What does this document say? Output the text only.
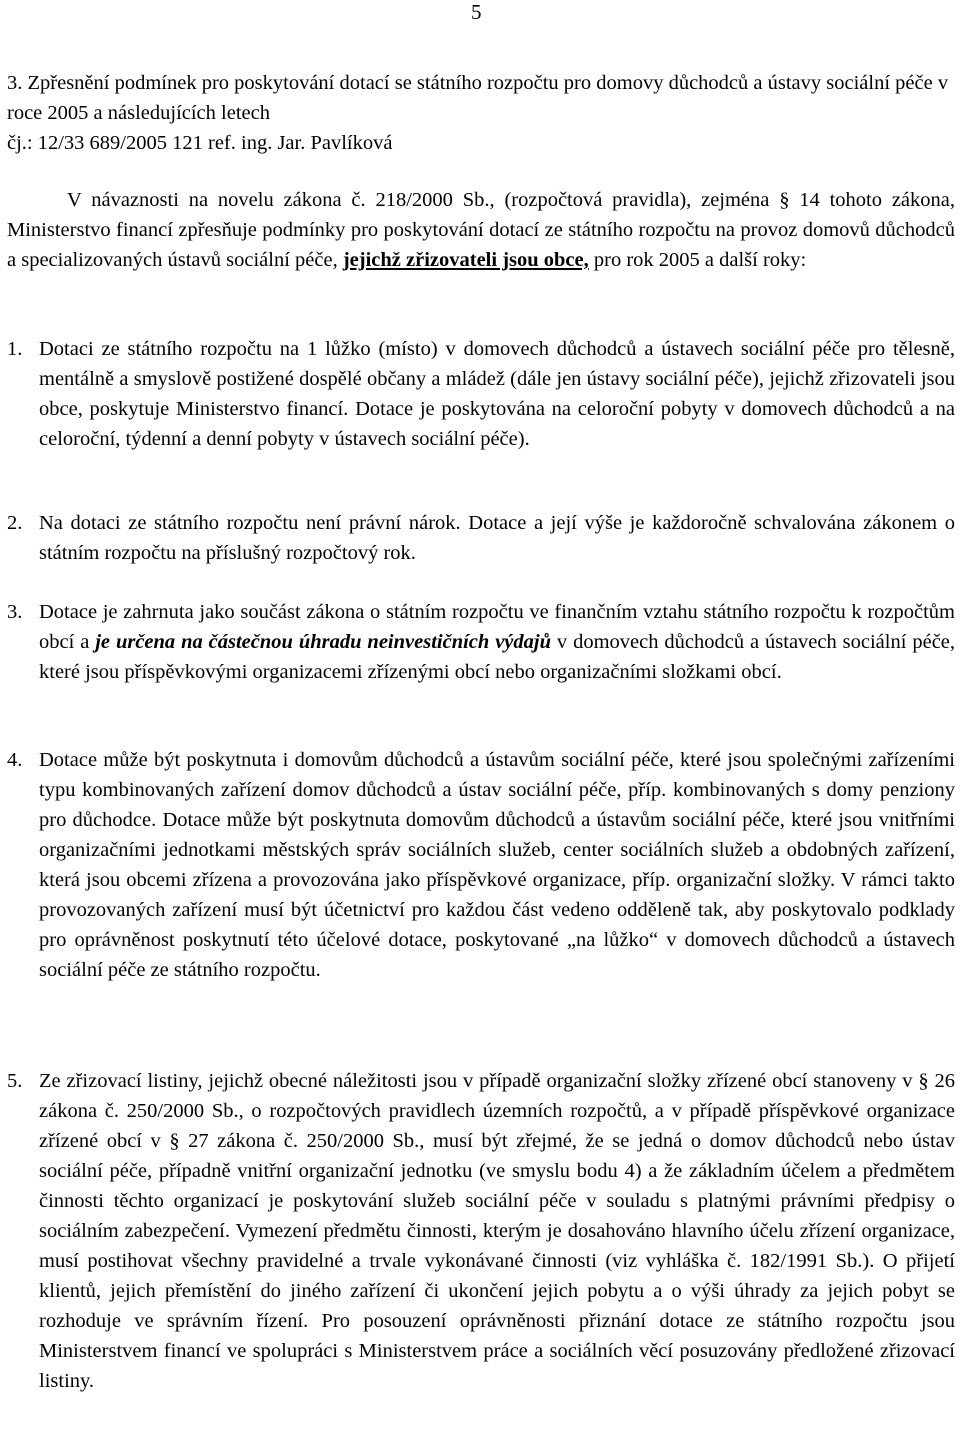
5
3. Zpřesnění podmínek pro poskytování dotací se státního rozpočtu pro domovy důchodců a ústavy sociální péče v roce 2005 a následujících letech
čj.: 12/33 689/2005 121 ref. ing. Jar. Pavlíková
V návaznosti na novelu zákona č. 218/2000 Sb., (rozpočtová pravidla), zejména § 14 tohoto zákona, Ministerstvo financí zpřesňuje podmínky pro poskytování dotací ze státního rozpočtu na provoz domovů důchodců a specializovaných ústavů sociální péče, jejichž zřizovateli jsou obce, pro rok 2005 a další roky:
1. Dotaci ze státního rozpočtu na 1 lůžko (místo) v domovech důchodců a ústavech sociální péče pro tělesně, mentálně a smyslově postižené dospělé občany a mládež (dále jen ústavy sociální péče), jejichž zřizovateli jsou obce, poskytuje Ministerstvo financí. Dotace je poskytována na celoroční pobyty v domovech důchodců a na celoroční, týdenní a denní pobyty v ústavech sociální péče).
2. Na dotaci ze státního rozpočtu není právní nárok. Dotace a její výše je každoročně schvalována zákonem o státním rozpočtu na příslušný rozpočtový rok.
3. Dotace je zahrnuta jako součást zákona o státním rozpočtu ve finančním vztahu státního rozpočtu k rozpočtům obcí a je určena na částečnou úhradu neinvestičních výdajů v domovech důchodců a ústavech sociální péče, které jsou příspěvkovými organizacemi zřízenými obcí nebo organizačními složkami obcí.
4. Dotace může být poskytnuta i domovům důchodců a ústavům sociální péče, které jsou společnými zařízeními typu kombinovaných zařízení domov důchodců a ústav sociální péče, příp. kombinovaných s domy penziony pro důchodce. Dotace může být poskytnuta domovům důchodců a ústavům sociální péče, které jsou vnitřními organizačními jednotkami městských správ sociálních služeb, center sociálních služeb a obdobných zařízení, která jsou obcemi zřízena a provozována jako příspěvkové organizace, příp. organizační složky. V rámci takto provozovaných zařízení musí být účetnictví pro každou část vedeno odděleně tak, aby poskytovalo podklady pro oprávněnost poskytnutí této účelové dotace, poskytované „na lůžko“ v domovech důchodců a ústavech sociální péče ze státního rozpočtu.
5. Ze zřizovací listiny, jejichž obecné náležitosti jsou v případě organizační složky zřízené obcí stanoveny v § 26 zákona č. 250/2000 Sb., o rozpočtových pravidlech územních rozpočtů, a v případě příspěvkové organizace zřízené obcí v § 27 zákona č. 250/2000 Sb., musí být zřejmé, že se jedná o domov důchodců nebo ústav sociální péče, případně vnitřní organizační jednotku (ve smyslu bodu 4) a že základním účelem a předmětem činnosti těchto organizací je poskytování služeb sociální péče v souladu s platnými právními předpisy o sociálním zabezpečení. Vymezení předmětu činnosti, kterým je dosahováno hlavního účelu zřízení organizace, musí postihovat všechny pravidelné a trvale vykonávané činnosti (viz vyhláška č. 182/1991 Sb.). O přijetí klientů, jejich přemístění do jiného zařízení či ukončení jejich pobytu a o výši úhrady za jejich pobyt se rozhoduje ve správním řízení. Pro posouzení oprávněnosti přiznání dotace ze státního rozpočtu jsou Ministerstvem financí ve spolupráci s Ministerstvem práce a sociálních věcí posuzovány předložené zřizovací listiny.
